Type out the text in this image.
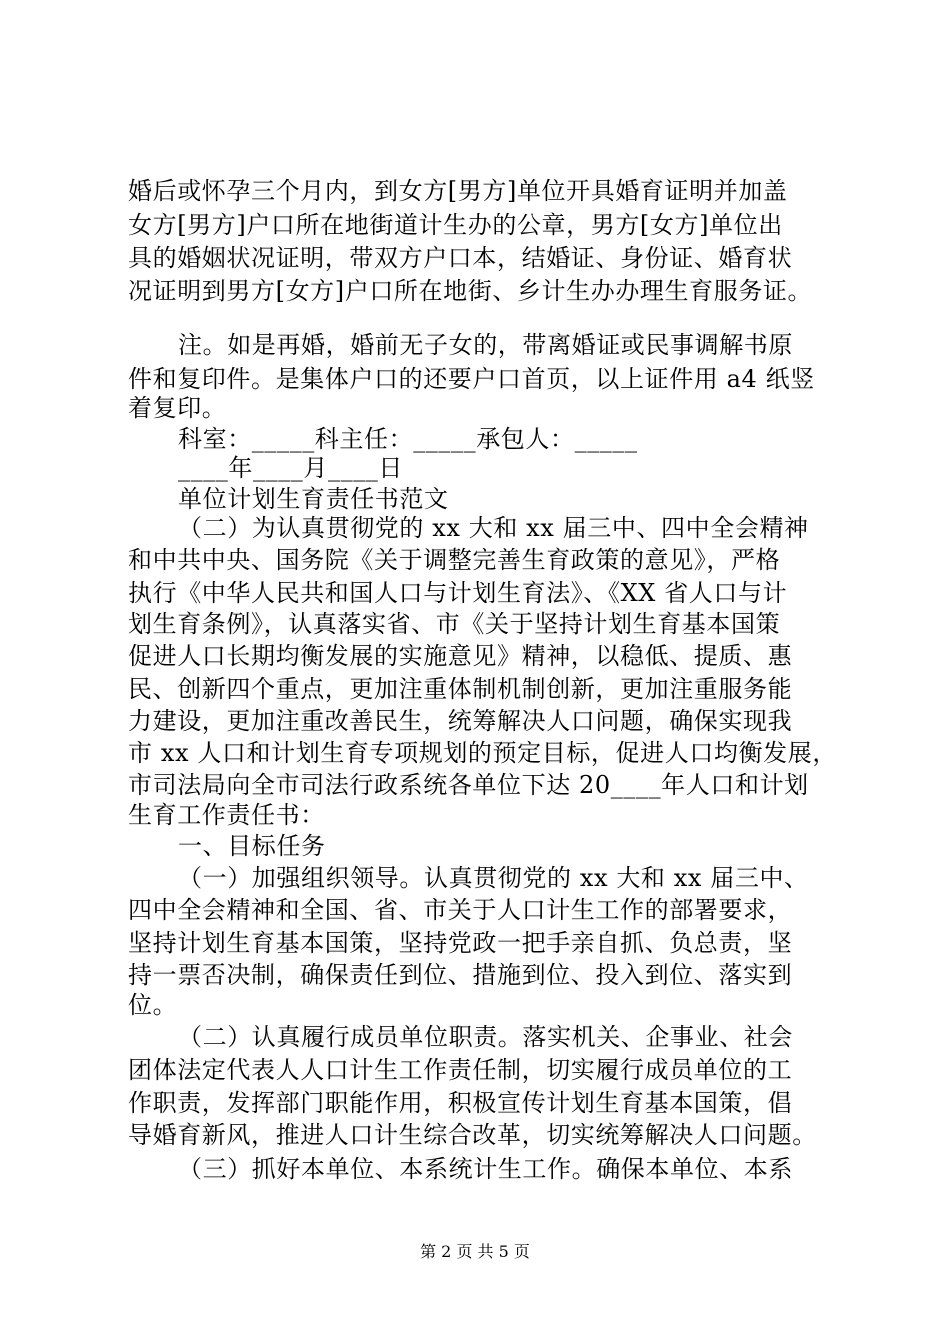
婚后或怀孕三个月内，到女方[男方]单位开具婚育证明并加盖
女方[男方]户口所在地街道计生办的公章，男方[女方]单位出
具的婚姻状况证明，带双方户口本，结婚证、身份证、婚育状
况证明到男方[女方]户口所在地街、乡计生办办理生育服务证。
注。如是再婚，婚前无子女的，带离婚证或民事调解书原
件和复印件。是集体户口的还要户口首页，以上证件用 a4 纸竖
着复印。
科室：_____科主任：_____承包人：_____
____年____月____日
单位计划生育责任书范文
（二）为认真贯彻党的 xx 大和 xx 届三中、四中全会精神
和中共中央、国务院《关于调整完善生育政策的意见》，严格
执行《中华人民共和国人口与计划生育法》、《XX 省人口与计
划生育条例》，认真落实省、市《关于坚持计划生育基本国策
促进人口长期均衡发展的实施意见》精神，以稳低、提质、惠
民、创新四个重点，更加注重体制机制创新，更加注重服务能
力建设，更加注重改善民生，统筹解决人口问题，确保实现我
市 xx 人口和计划生育专项规划的预定目标，促进人口均衡发展，
市司法局向全市司法行政系统各单位下达 20____年人口和计划
生育工作责任书：
一、目标任务
（一）加强组织领导。认真贯彻党的 xx 大和 xx 届三中、
四中全会精神和全国、省、市关于人口计生工作的部署要求，
坚持计划生育基本国策，坚持党政一把手亲自抓、负总责，坚
持一票否决制，确保责任到位、措施到位、投入到位、落实到
位。
（二）认真履行成员单位职责。落实机关、企事业、社会
团体法定代表人人口计生工作责任制，切实履行成员单位的工
作职责，发挥部门职能作用，积极宣传计划生育基本国策，倡
导婚育新风，推进人口计生综合改革，切实统筹解决人口问题。
（三）抓好本单位、本系统计生工作。确保本单位、本系
第 2 页 共 5 页
